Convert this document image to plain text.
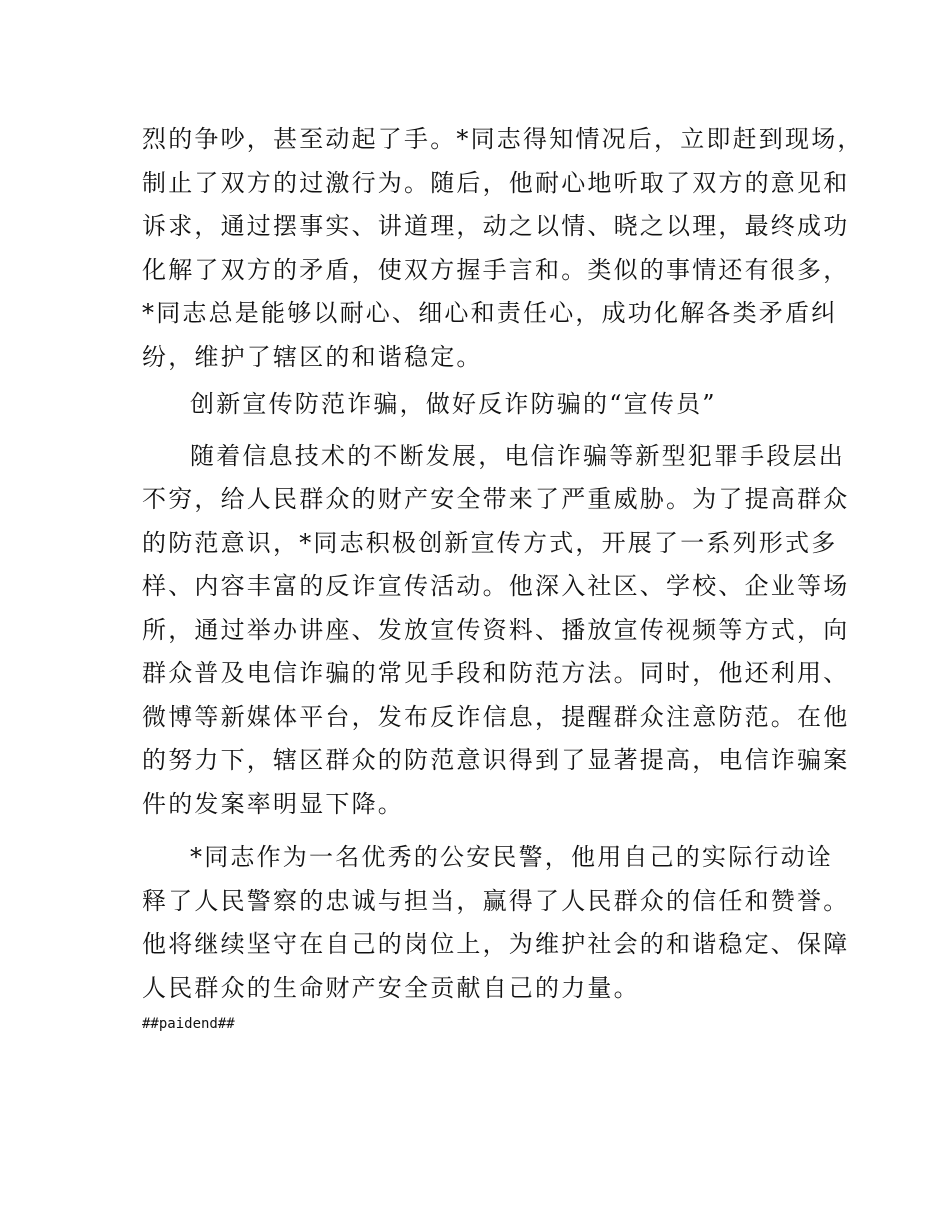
烈的争吵，甚至动起了手。*同志得知情况后，立即赶到现场，
制止了双方的过激行为。随后，他耐心地听取了双方的意见和
诉求，通过摆事实、讲道理，动之以情、晓之以理，最终成功
化解了双方的矛盾，使双方握手言和。类似的事情还有很多，
*同志总是能够以耐心、细心和责任心，成功化解各类矛盾纠
纷，维护了辖区的和谐稳定。
创新宣传防范诈骗，做好反诈防骗的“宣传员”
随着信息技术的不断发展，电信诈骗等新型犯罪手段层出
不穷，给人民群众的财产安全带来了严重威胁。为了提高群众
的防范意识，*同志积极创新宣传方式，开展了一系列形式多
样、内容丰富的反诈宣传活动。他深入社区、学校、企业等场
所，通过举办讲座、发放宣传资料、播放宣传视频等方式，向
群众普及电信诈骗的常见手段和防范方法。同时，他还利用、
微博等新媒体平台，发布反诈信息，提醒群众注意防范。在他
的努力下，辖区群众的防范意识得到了显著提高，电信诈骗案
件的发案率明显下降。
*同志作为一名优秀的公安民警，他用自己的实际行动诠
释了人民警察的忠诚与担当，赢得了人民群众的信任和赞誉。
他将继续坚守在自己的岗位上，为维护社会的和谐稳定、保障
人民群众的生命财产安全贡献自己的力量。
##paidend##
